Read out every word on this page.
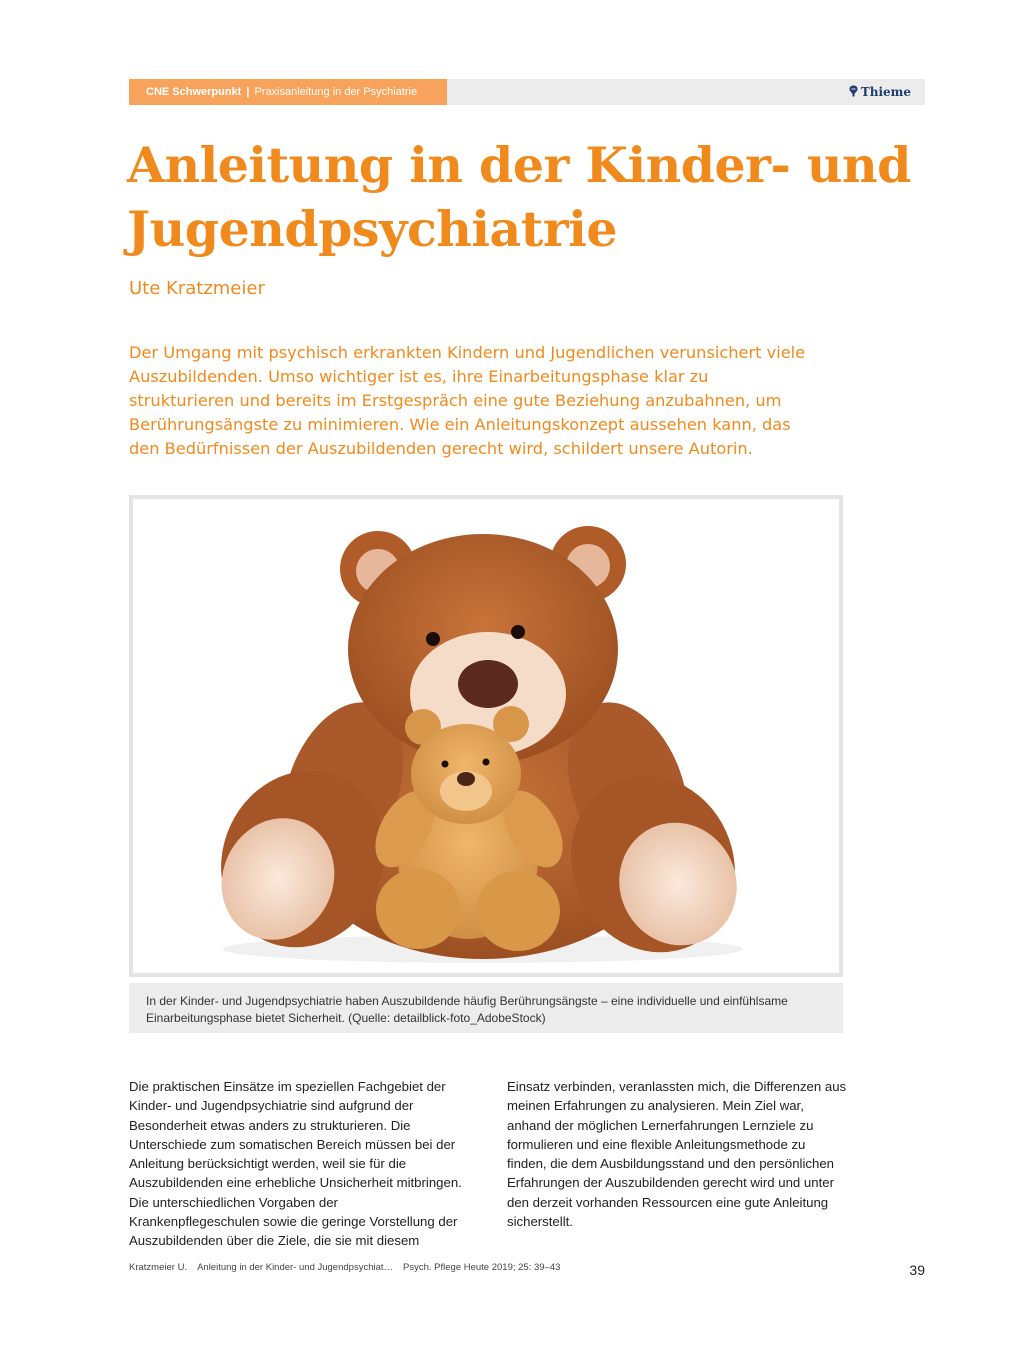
CNE Schwerpunkt | Praxisanleitung in der Psychiatrie	Thieme
Anleitung in der Kinder- und Jugendpsychiatrie
Ute Kratzmeier

Der Umgang mit psychisch erkrankten Kindern und Jugendlichen verunsichert viele Auszubildenden. Umso wichtiger ist es, ihre Einarbeitungsphase klar zu strukturieren und bereits im Erstgespräch eine gute Beziehung anzubahnen, um Berührungsängste zu minimieren. Wie ein Anleitungskonzept aussehen kann, das den Bedürfnissen der Auszubildenden gerecht wird, schildert unsere Autorin.

In der Kinder- und Jugendpsychiatrie haben Auszubildende häufig Berührungsängste – eine individuelle und einfühlsame Einarbeitungsphase bietet Sicherheit. (Quelle: detailblick-foto_AdobeStock)

Die praktischen Einsätze im speziellen Fachgebiet der Kinder- und Jugendpsychiatrie sind aufgrund der Besonderheit etwas anders zu strukturieren. Die Unterschiede zum somatischen Bereich müssen bei der Anleitung berücksichtigt werden, weil sie für die Auszubildenden eine erhebliche Unsicherheit mitbringen. Die unterschiedlichen Vorgaben der Krankenpflegeschulen sowie die geringe Vorstellung der Auszubildenden über die Ziele, die sie mit diesem

Einsatz verbinden, veranlassten mich, die Differenzen aus meinen Erfahrungen zu analysieren. Mein Ziel war, anhand der möglichen Lernerfahrungen Lernziele zu formulieren und eine flexible Anleitungsmethode zu finden, die dem Ausbildungsstand und den persönlichen Erfahrungen der Auszubildenden gerecht wird und unter den derzeit vorhanden Ressourcen eine gute Anleitung sicherstellt.

Kratzmeier U. Anleitung in der Kinder- und Jugendpsychiat… Psych. Pflege Heute 2019; 25: 39–43	39
